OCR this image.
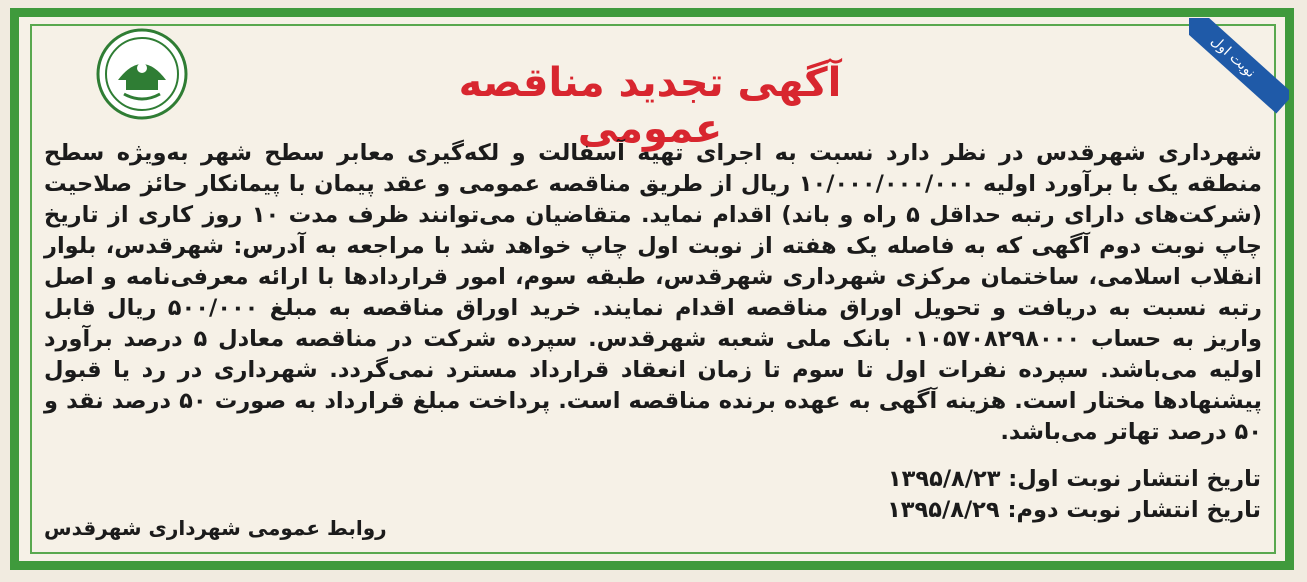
نوبت اول
آگهی تجدید مناقصه عمومی
شهرداری شهرقدس در نظر دارد نسبت به اجرای تهیه آسفالت و لکه‌گیری معابر سطح شهر به‌ویژه سطح منطقه یک با برآورد اولیه ۱۰/۰۰۰/۰۰۰/۰۰۰ ریال از طریق مناقصه عمومی و عقد پیمان با پیمانکار حائز صلاحیت (شرکت‌های دارای رتبه حداقل ۵ راه و باند) اقدام نماید. متقاضیان می‌توانند ظرف مدت ۱۰ روز کاری از تاریخ چاپ نوبت دوم آگهی که به فاصله یک هفته از نوبت اول چاپ خواهد شد با مراجعه به آدرس: شهرقدس، بلوار انقلاب اسلامی، ساختمان مرکزی شهرداری شهرقدس، طبقه سوم، امور قراردادها با ارائه معرفی‌نامه و اصل رتبه نسبت به دریافت و تحویل اوراق مناقصه اقدام نمایند. خرید اوراق مناقصه به مبلغ ۵۰۰/۰۰۰ ریال قابل واریز به حساب ۰۱۰۵۷۰۸۲۹۸۰۰۰ بانک ملی شعبه شهرقدس. سپرده شرکت در مناقصه معادل ۵ درصد برآورد اولیه می‌باشد. سپرده نفرات اول تا سوم تا زمان انعقاد قرارداد مسترد نمی‌گردد. شهرداری در رد یا قبول پیشنهادها مختار است. هزینه آگهی به عهده برنده مناقصه است. پرداخت مبلغ قرارداد به صورت ۵۰ درصد نقد و ۵۰ درصد تهاتر می‌باشد.
تاریخ انتشار نوبت اول: ۱۳۹۵/۸/۲۳
تاریخ انتشار نوبت دوم: ۱۳۹۵/۸/۲۹
روابط عمومی شهرداری شهرقدس
